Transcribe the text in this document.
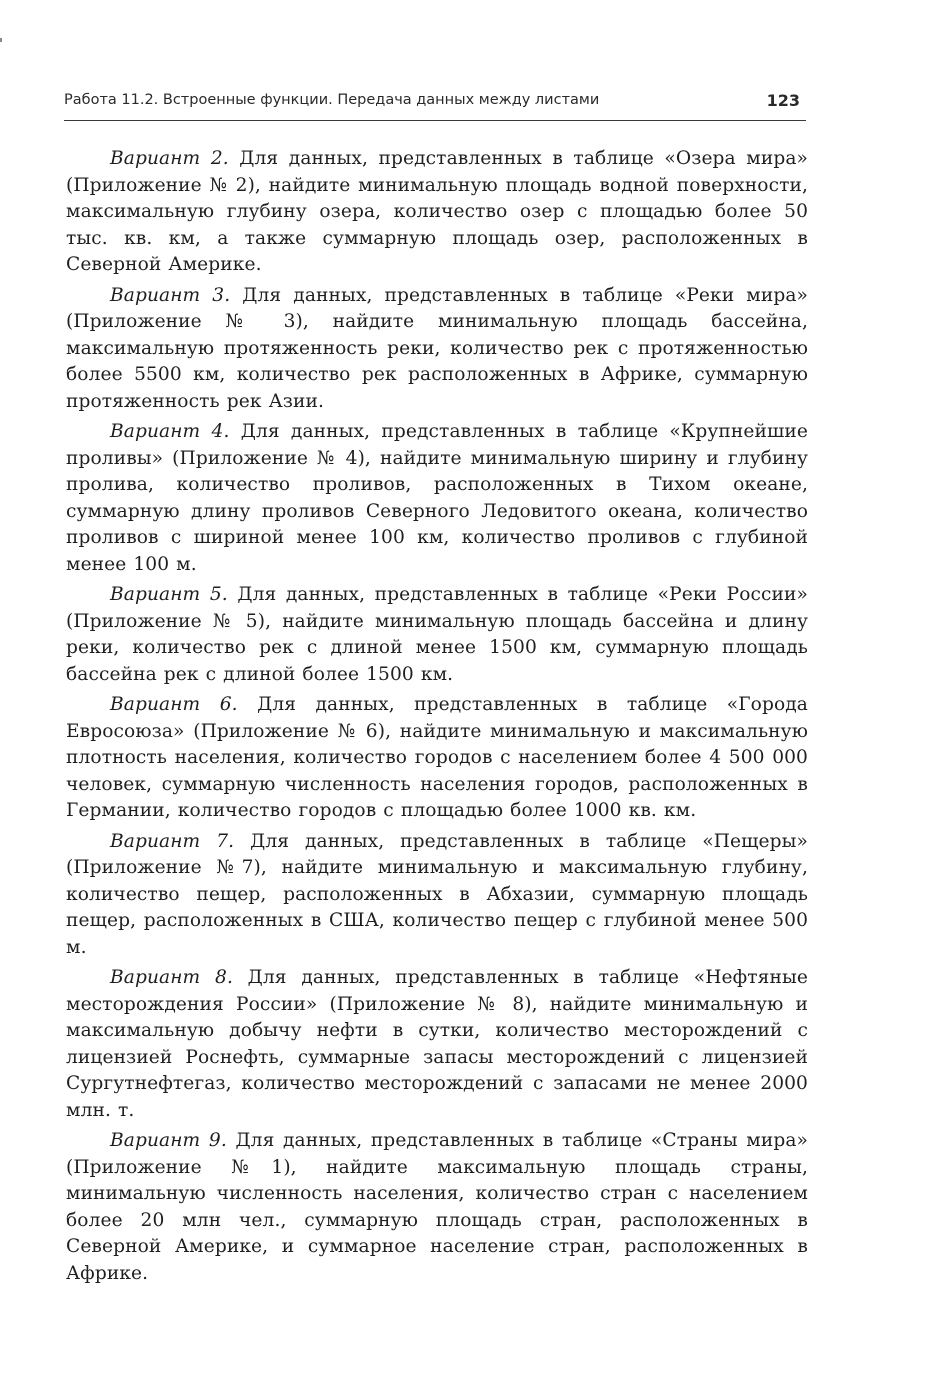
Работа 11.2. Встроенные функции. Передача данных между листами	123

Вариант 2. Для данных, представленных в таблице «Озера мира» (Приложение № 2), найдите минимальную площадь водной поверхности, максимальную глубину озера, количество озер с площадью более 50 тыс. кв. км, а также суммарную площадь озер, расположенных в Северной Америке.

Вариант 3. Для данных, представленных в таблице «Реки мира» (Приложение № 3), найдите минимальную площадь бассейна, максимальную протяженность реки, количество рек с протяженностью более 5500 км, количество рек расположенных в Африке, суммарную протяженность рек Азии.

Вариант 4. Для данных, представленных в таблице «Крупнейшие проливы» (Приложение № 4), найдите минимальную ширину и глубину пролива, количество проливов, расположенных в Тихом океане, суммарную длину проливов Северного Ледовитого океана, количество проливов с шириной менее 100 км, количество проливов с глубиной менее 100 м.

Вариант 5. Для данных, представленных в таблице «Реки России» (Приложение № 5), найдите минимальную площадь бассейна и длину реки, количество рек с длиной менее 1500 км, суммарную площадь бассейна рек с длиной более 1500 км.

Вариант 6. Для данных, представленных в таблице «Города Евросоюза» (Приложение № 6), найдите минимальную и максимальную плотность населения, количество городов с населением более 4 500 000 человек, суммарную численность населения городов, расположенных в Германии, количество городов с площадью более 1000 кв. км.

Вариант 7. Для данных, представленных в таблице «Пещеры» (Приложение №7), найдите минимальную и максимальную глубину, количество пещер, расположенных в Абхазии, суммарную площадь пещер, расположенных в США, количество пещер с глубиной менее 500 м.

Вариант 8. Для данных, представленных в таблице «Нефтяные месторождения России» (Приложение № 8), найдите минимальную и максимальную добычу нефти в сутки, количество месторождений с лицензией Роснефть, суммарные запасы месторождений с лицензией Сургутнефтегаз, количество месторождений с запасами не менее 2000 млн. т.

Вариант 9. Для данных, представленных в таблице «Страны мира» (Приложение №1), найдите максимальную площадь страны, минимальную численность населения, количество стран с населением более 20 млн чел., суммарную площадь стран, расположенных в Северной Америке, и суммарное население стран, расположенных в Африке.
